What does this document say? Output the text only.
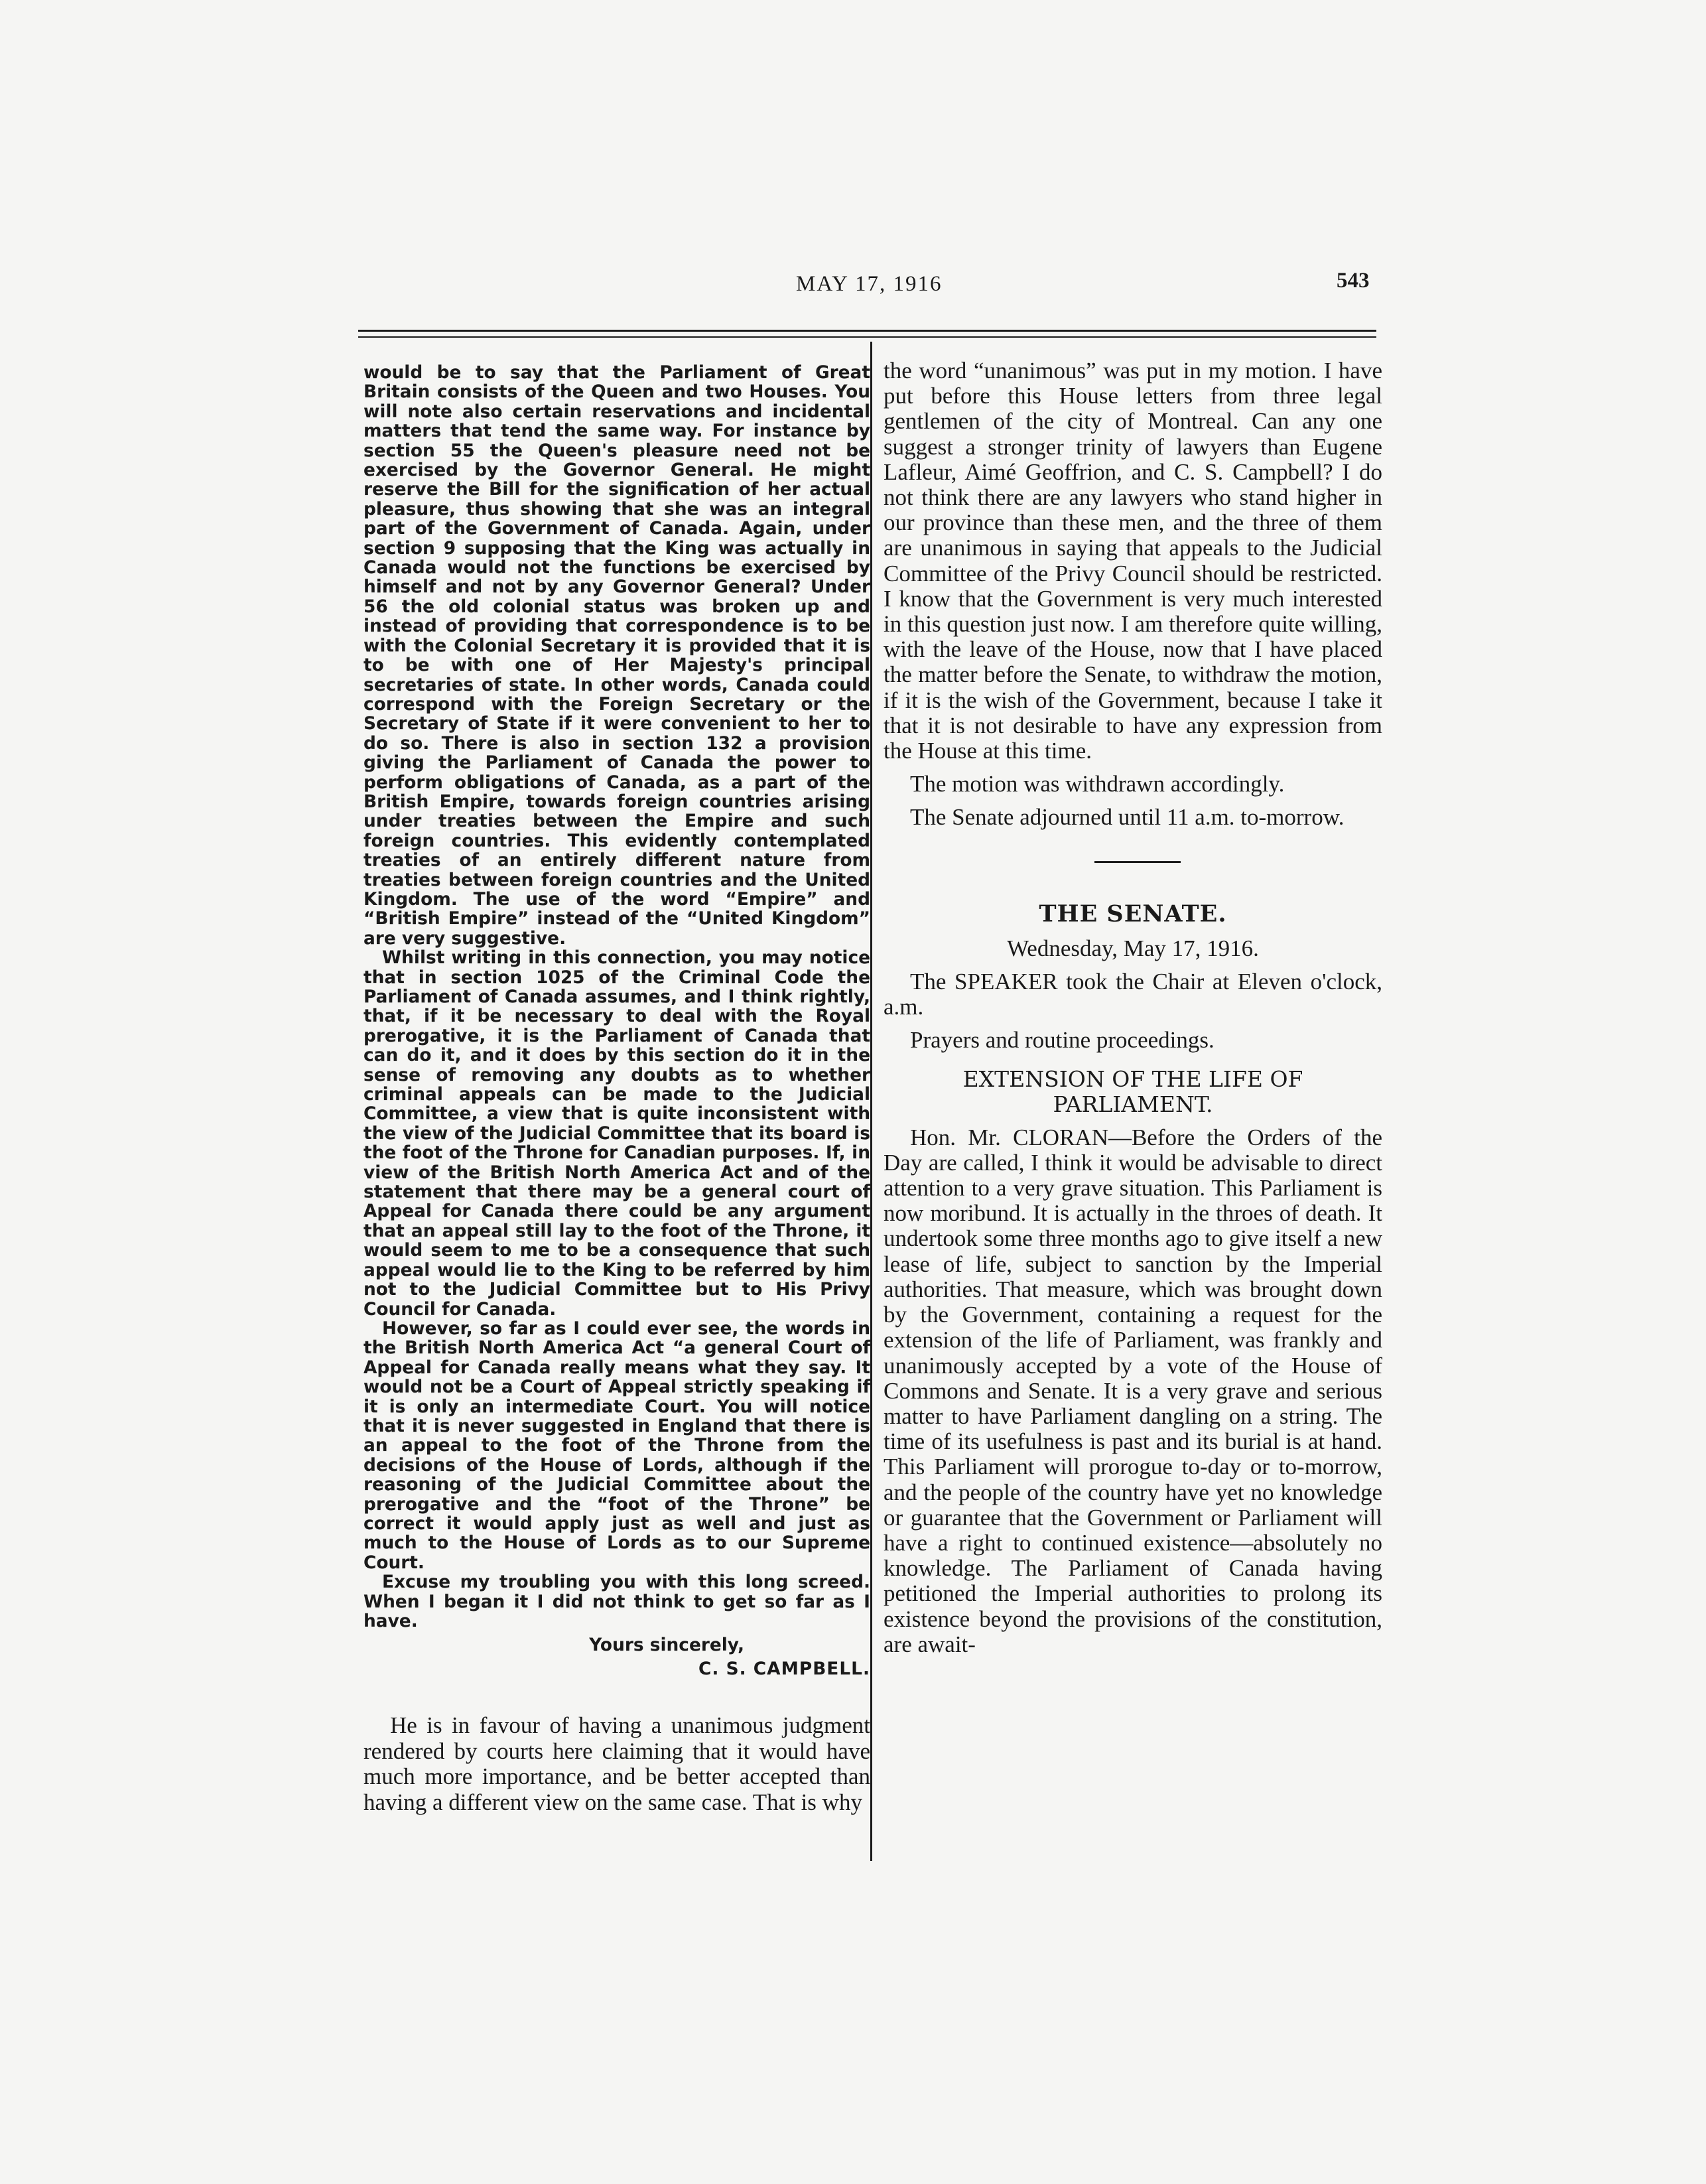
MAY 17, 1916	543

would be to say that the Parliament of Great Britain consists of the Queen and two Houses. You will note also certain reservations and incidental matters that tend the same way. For instance by section 55 the Queen's pleasure need not be exercised by the Governor General. He might reserve the Bill for the signification of her actual pleasure, thus showing that she was an integral part of the Government of Canada. Again, under section 9 supposing that the King was actually in Canada would not the functions be exercised by himself and not by any Governor General? Under 56 the old colonial status was broken up and instead of providing that correspondence is to be with the Colonial Secretary it is provided that it is to be with one of Her Majesty's principal secretaries of state. In other words, Canada could correspond with the Foreign Secretary or the Secretary of State if it were convenient to her to do so. There is also in section 132 a provision giving the Parliament of Canada the power to perform obligations of Canada, as a part of the British Empire, towards foreign countries arising under treaties between the Empire and such foreign countries. This evidently contemplated treaties of an entirely different nature from treaties between foreign countries and the United Kingdom. The use of the word “Empire” and “British Empire” instead of the “United Kingdom” are very suggestive.

Whilst writing in this connection, you may notice that in section 1025 of the Criminal Code the Parliament of Canada assumes, and I think rightly, that, if it be necessary to deal with the Royal prerogative, it is the Parliament of Canada that can do it, and it does by this section do it in the sense of removing any doubts as to whether criminal appeals can be made to the Judicial Committee, a view that is quite inconsistent with the view of the Judicial Committee that its board is the foot of the Throne for Canadian purposes. If, in view of the British North America Act and of the statement that there may be a general court of Appeal for Canada there could be any argument that an appeal still lay to the foot of the Throne, it would seem to me to be a consequence that such appeal would lie to the King to be referred by him not to the Judicial Committee but to His Privy Council for Canada.

However, so far as I could ever see, the words in the British North America Act “a general Court of Appeal for Canada really means what they say. It would not be a Court of Appeal strictly speaking if it is only an intermediate Court. You will notice that it is never suggested in England that there is an appeal to the foot of the Throne from the decisions of the House of Lords, although if the reasoning of the Judicial Committee about the prerogative and the “foot of the Throne” be correct it would apply just as well and just as much to the House of Lords as to our Supreme Court.

Excuse my troubling you with this long screed. When I began it I did not think to get so far as I have.

Yours sincerely,
C. S. CAMPBELL.

He is in favour of having a unanimous judgment rendered by courts here claiming that it would have much more importance, and be better accepted than having a different view on the same case. That is why

the word “unanimous” was put in my motion. I have put before this House letters from three legal gentlemen of the city of Montreal. Can any one suggest a stronger trinity of lawyers than Eugene Lafleur, Aimé Geoffrion, and C. S. Campbell? I do not think there are any lawyers who stand higher in our province than these men, and the three of them are unanimous in saying that appeals to the Judicial Committee of the Privy Council should be restricted. I know that the Government is very much interested in this question just now. I am therefore quite willing, with the leave of the House, now that I have placed the matter before the Senate, to withdraw the motion, if it is the wish of the Government, because I take it that it is not desirable to have any expression from the House at this time.

The motion was withdrawn accordingly.

The Senate adjourned until 11 a.m. to-morrow.

THE SENATE.
Wednesday, May 17, 1916.

The SPEAKER took the Chair at Eleven o'clock, a.m.

Prayers and routine proceedings.

EXTENSION OF THE LIFE OF PARLIAMENT.

Hon. Mr. CLORAN—Before the Orders of the Day are called, I think it would be advisable to direct attention to a very grave situation. This Parliament is now moribund. It is actually in the throes of death. It undertook some three months ago to give itself a new lease of life, subject to sanction by the Imperial authorities. That measure, which was brought down by the Government, containing a request for the extension of the life of Parliament, was frankly and unanimously accepted by a vote of the House of Commons and Senate. It is a very grave and serious matter to have Parliament dangling on a string. The time of its usefulness is past and its burial is at hand. This Parliament will prorogue to-day or to-morrow, and the people of the country have yet no knowledge or guarantee that the Government or Parliament will have a right to continued existence—absolutely no knowledge. The Parliament of Canada having petitioned the Imperial authorities to prolong its existence beyond the provisions of the constitution, are await-
